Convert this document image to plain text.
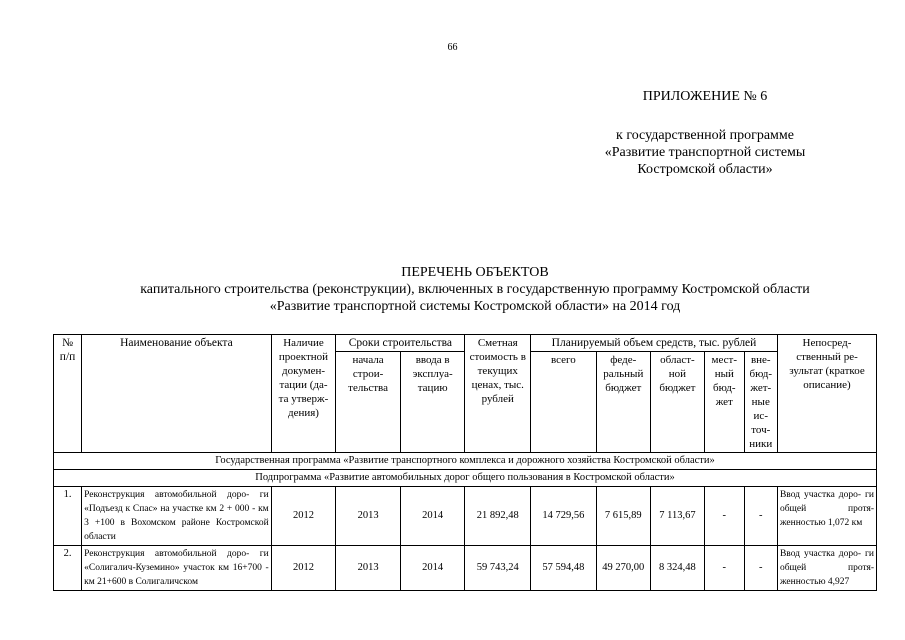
66
ПРИЛОЖЕНИЕ № 6
к государственной программе
«Развитие транспортной системы
Костромской области»
ПЕРЕЧЕНЬ ОБЪЕКТОВ
капитального строительства (реконструкции), включенных в государственную программу Костромской области
«Развитие транспортной системы Костромской области» на 2014 год
№ п/п	Наименование объекта	Наличие проектной докумен- тации (да- та утверж- дения)	Сроки строительства		Сметная стоимость в текущих ценах, тыс. рублей	Планируемый объем средств, тыс. рублей					Непосред- ственный ре- зультат (краткое описание)
			начала строи- тельства	ввода в эксплуа- тацию		всего	феде- ральный бюджет	област- ной бюджет	мест- ный бюд- жет	вне- бюд- жет- ные ис- точ- ники	
Государственная программа «Развитие транспортного комплекса и дорожного хозяйства Костромской области»											
Подпрограмма «Развитие автомобильных дорог общего пользования в Костромской области»											
1.	Реконструкция автомобильной доро- ги «Подъезд к Спас» на участке км 2 + 000 - км 3 +100 в Вохомском районе Костромской области	2012	2013	2014	21 892,48	14 729,56	7 615,89	7 113,67	-	-	Ввод участка доро- ги общей протя- женностью 1,072 км
2.	Реконструкция автомобильной доро- ги «Солигалич-Куземино» участок км 16+700 - км 21+600 в Солигаличском	2012	2013	2014	59 743,24	57 594,48	49 270,00	8 324,48	-	-	Ввод участка доро- ги общей протя- женностью 4,927
